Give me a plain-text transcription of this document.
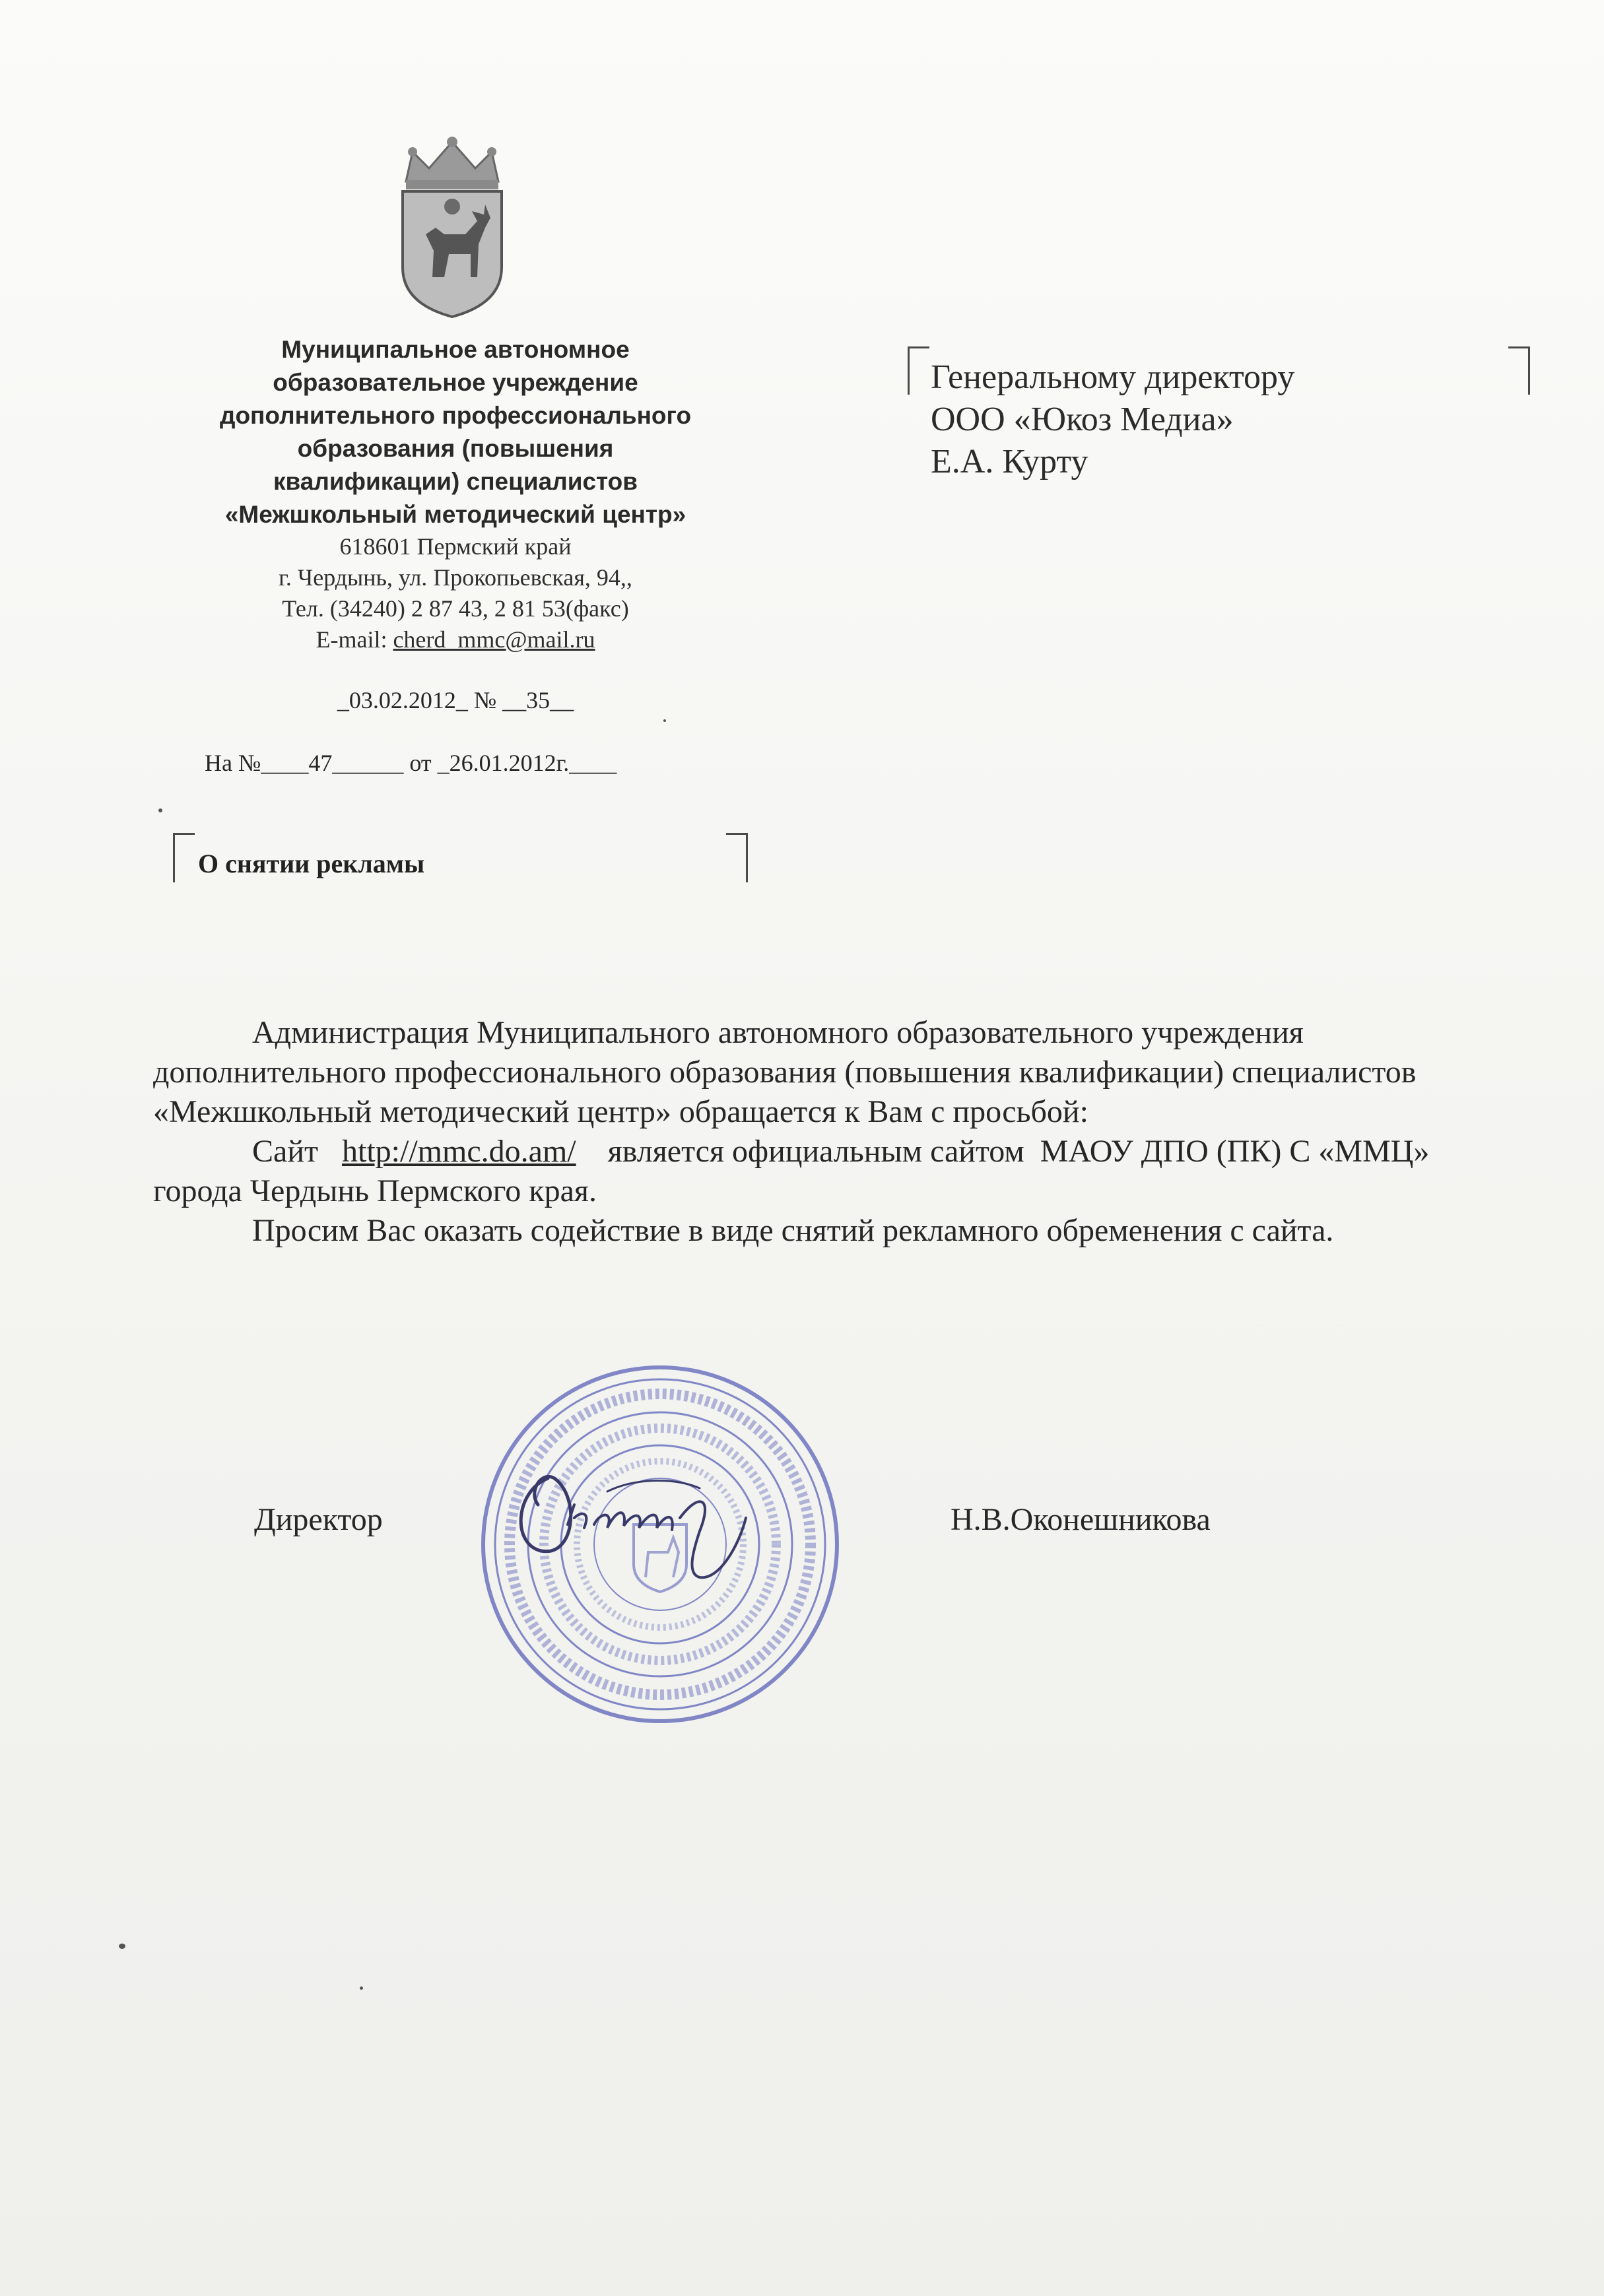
Муниципальное автономное
образовательное учреждение
дополнительного профессионального
образования (повышения
квалификации) специалистов
«Межшкольный методический центр»
618601 Пермский край
г. Чердынь, ул. Прокопьевская, 94,,
Тел. (34240) 2 87 43, 2 81 53(факс)
E-mail: cherd_mmc@mail.ru
_03.02.2012_ № __35__
На №____47______ от _26.01.2012г.____
Генеральному директору
ООО «Юкоз Медиа»
Е.А. Курту
О снятии рекламы

Администрация Муниципального автономного образовательного учреждения дополнительного профессионального образования (повышения квалификации) специалистов «Межшкольный методический центр» обращается к Вам с просьбой:

Сайт   http://mmc.do.am/    является официальным сайтом  МАОУ ДПО (ПК) С «ММЦ»  города Чердынь Пермского края.

Просим Вас оказать содействие в виде снятий рекламного обременения с сайта.

Директор	Н.В.Оконешникова
